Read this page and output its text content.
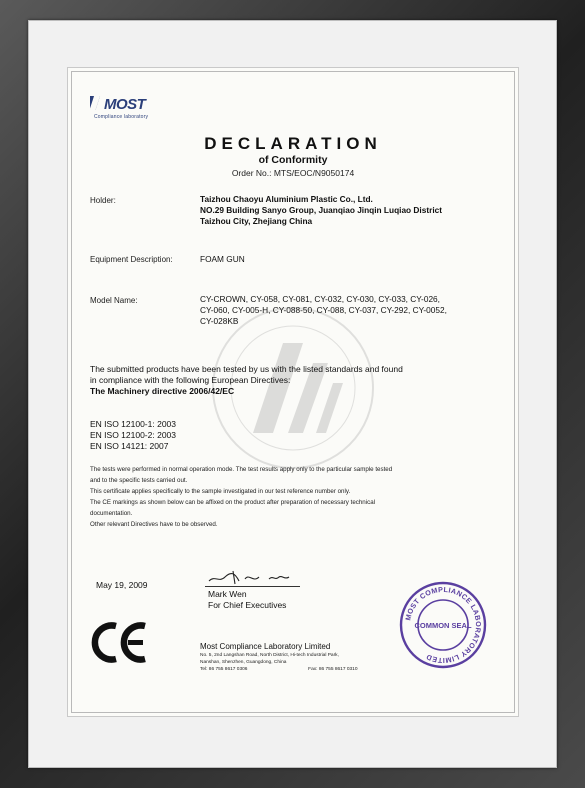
MOST
Compliance laboratory
DECLARATION
of Conformity
Order No.: MTS/EOC/N9050174
Holder:	Taizhou Chaoyu Aluminium Plastic Co., Ltd.
NO.29 Building Sanyo Group, Juanqiao Jinqin Luqiao District
Taizhou City, Zhejiang China
Equipment Description:	FOAM GUN
Model Name:	CY-CROWN, CY-058, CY-081, CY-032, CY-030, CY-033, CY-026,
CY-060, CY-005-H, CY-088-50, CY-088, CY-037, CY-292, CY-0052,
CY-028KB
The submitted products have been tested by us with the listed standards and found
in compliance with the following European Directives:
The Machinery directive 2006/42/EC
EN ISO 12100-1: 2003
EN ISO 12100-2: 2003
EN ISO 14121: 2007
The tests were performed in normal operation mode. The test results apply only to the particular sample tested
and to the specific tests carried out.
This certificate applies specifically to the sample investigated in our test reference number only.
The CE markings as shown below can be affixed on the product after preparation of necessary technical
documentation.
Other relevant Directives have to be observed.
May 19, 2009
Mark Wen
For Chief Executives
Most Compliance Laboratory Limited
No. 5, 2nd Langshan Road, North District, Hi-tech Industrial Park,
Nanshan, Shenzhen, Guangdong, China
Tel: 86 755 8617 0306	Fax: 86 755 8617 0310
MOST COMPLIANCE LABORATORY LIMITED
COMMON SEAL
